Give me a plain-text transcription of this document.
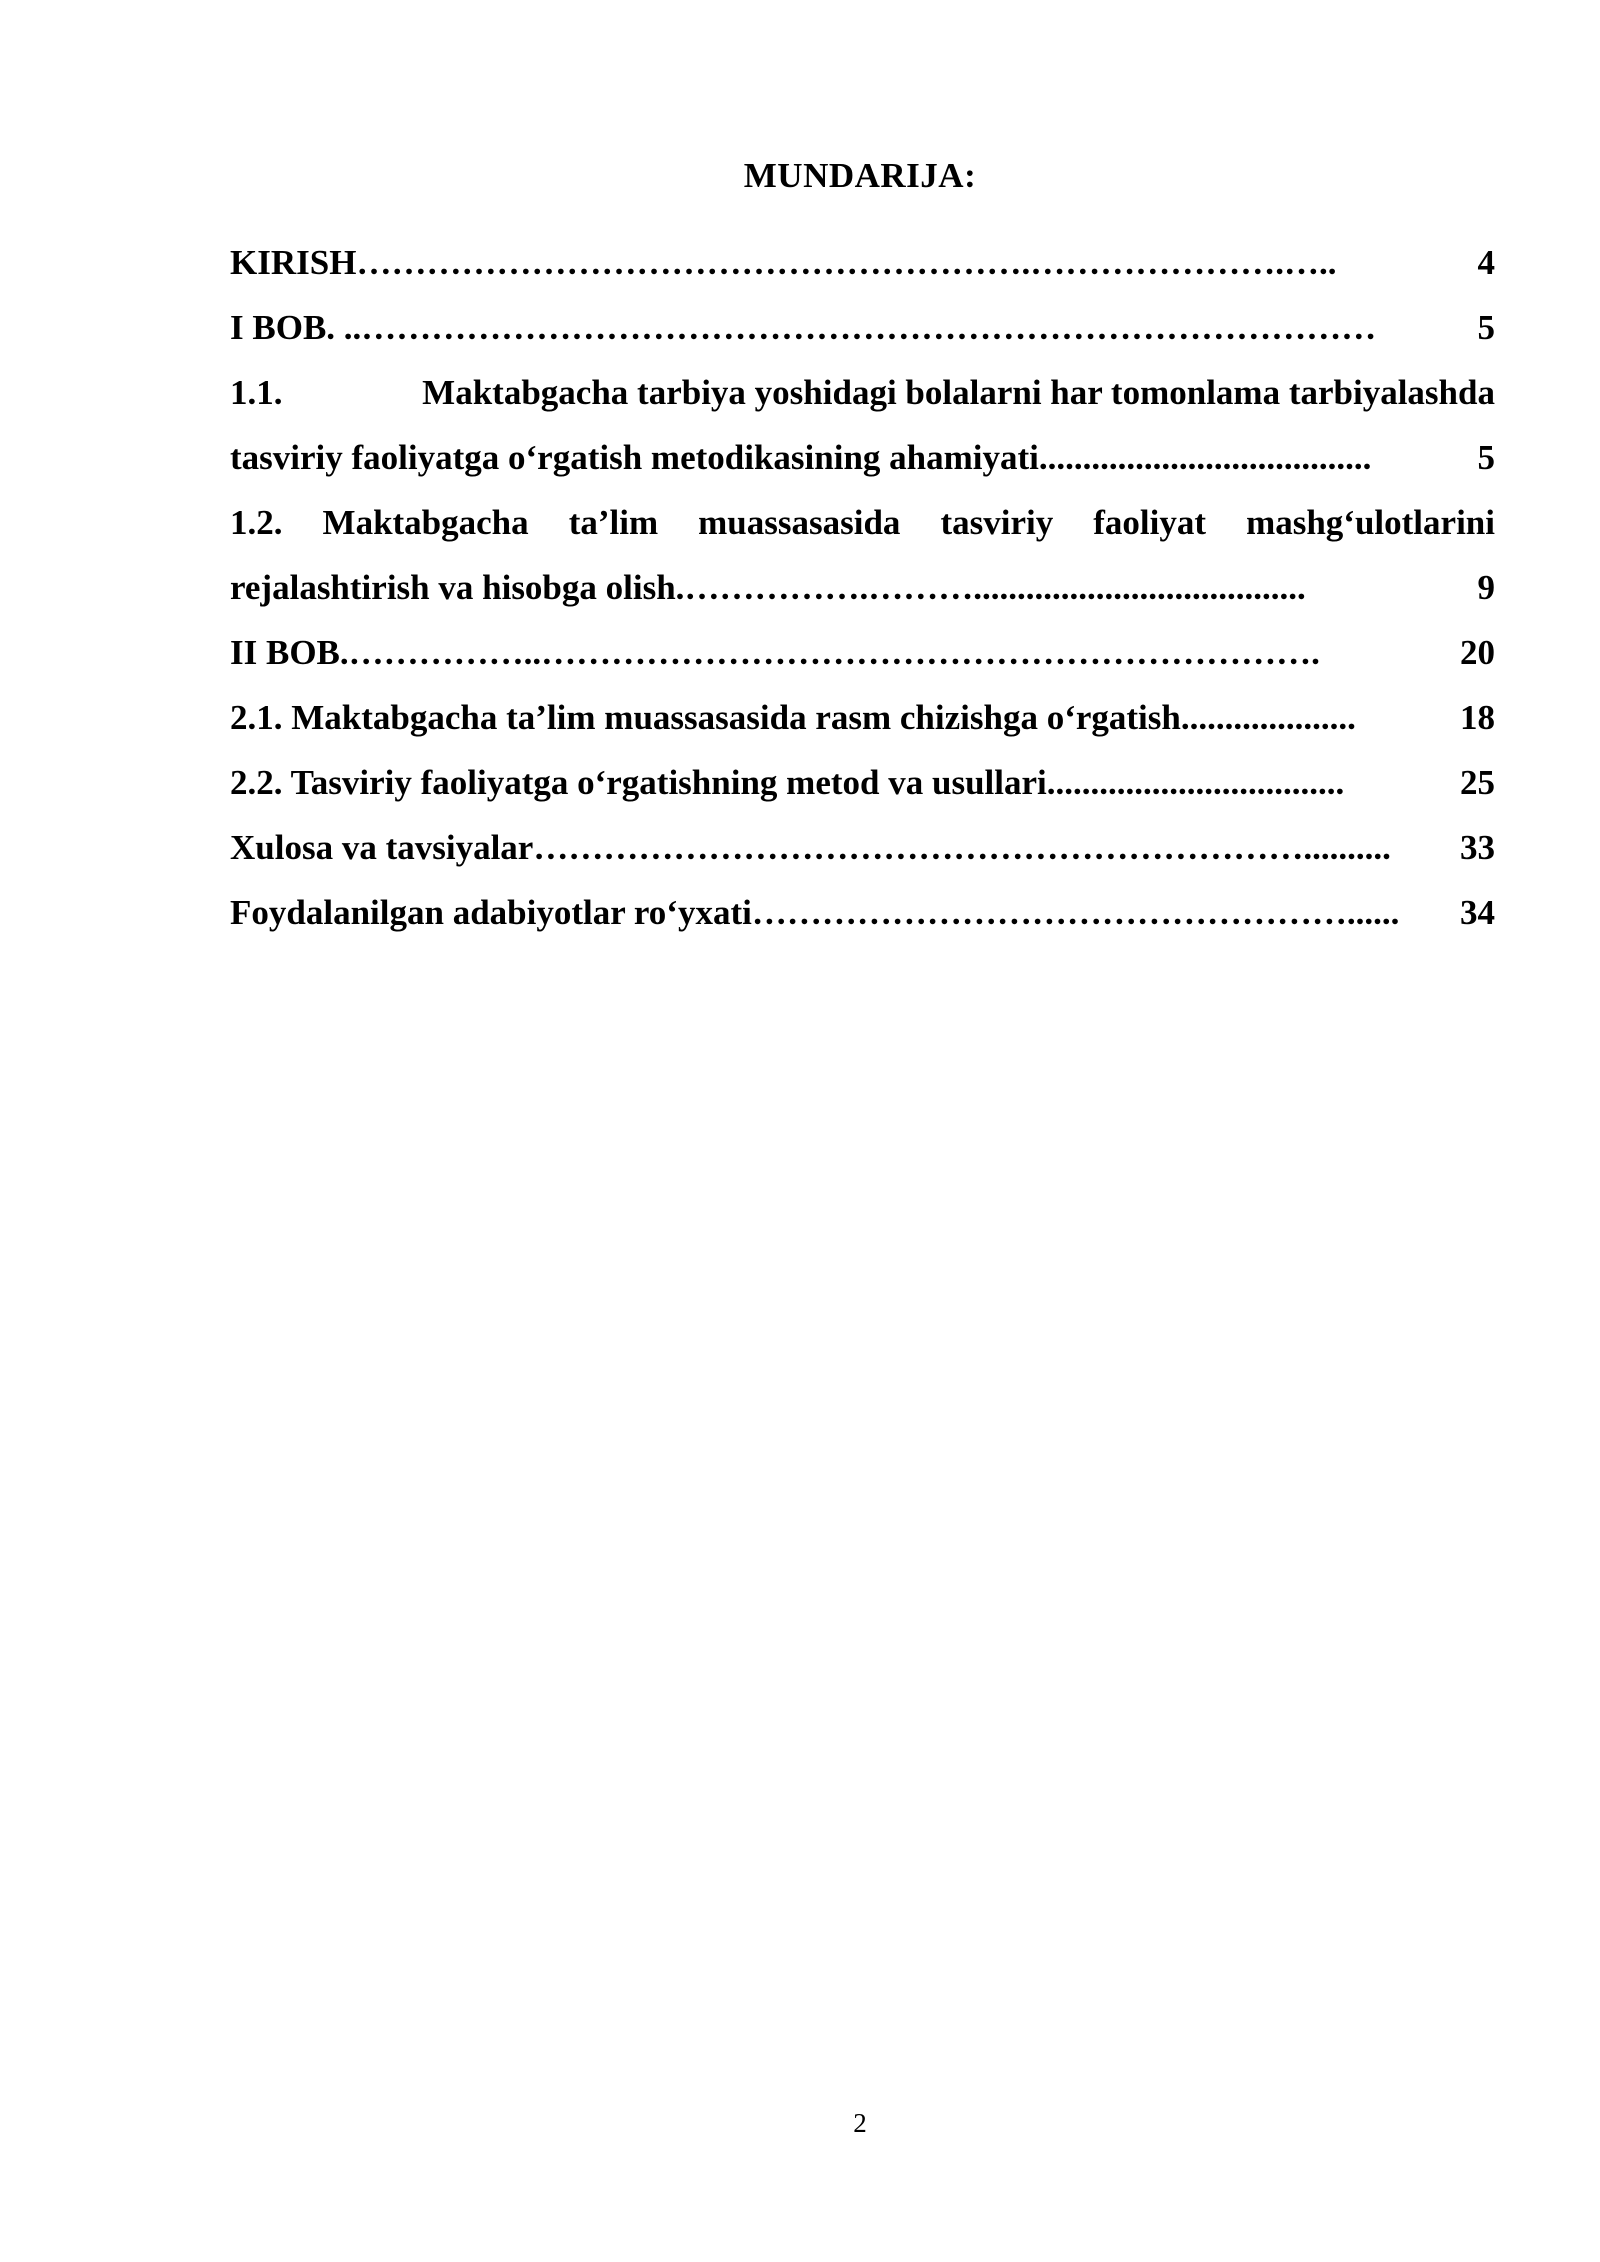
MUNDARIJA:
KIRISH ………………………………………………….………………….…..	4
I BOB. .. ……………………………………………………………………………	5
1.1.	Maktabgacha tarbiya yoshidagi bolalarni har tomonlama tarbiyalashda
tasviriy faoliyatga o‘rgatish metodikasining ahamiyati ......................................	5
1.2. Maktabgacha ta’lim muassasasida tasviriy faoliyat mashg‘ulotlarini
rejalashtirish va hisobga olish. …………….………......................................	9
II BOB. ……………..………………………………………………………….	20
2.1. Maktabgacha ta’lim muassasasida rasm chizishga o‘rgatish ....................	18
2.2. Tasviriy faoliyatga o‘rgatishning metod va usullari ..................................	25
Xulosa va tavsiyalar …………………………………………………………..........	33
Foydalanilgan adabiyotlar ro‘yxati ……………………………………………......	34
2
